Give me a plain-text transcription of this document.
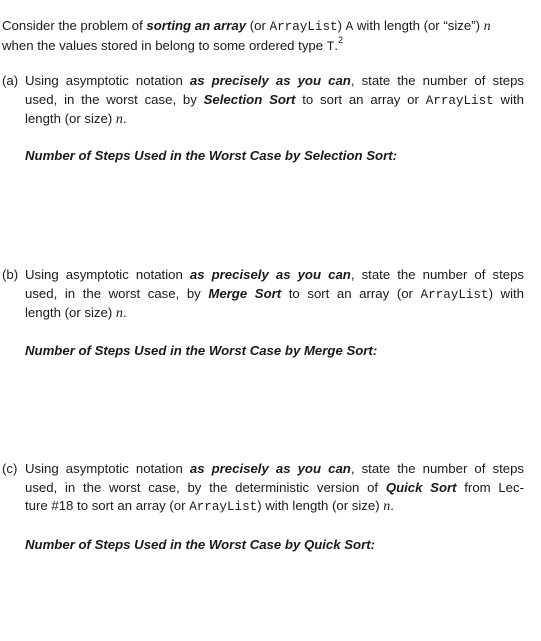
Consider the problem of sorting an array (or ArrayList) A with length (or “size”) n
when the values stored in belong to some ordered type T.$^2$
(a) Using asymptotic notation as precisely as you can, state the number of steps
used, in the worst case, by Selection Sort to sort an array or ArrayList with
length (or size) n.
Number of Steps Used in the Worst Case by Selection Sort:
(b) Using asymptotic notation as precisely as you can, state the number of steps
used, in the worst case, by Merge Sort to sort an array (or ArrayList) with
length (or size) n.
Number of Steps Used in the Worst Case by Merge Sort:
(c) Using asymptotic notation as precisely as you can, state the number of steps
used, in the worst case, by the deterministic version of Quick Sort from Lec-
ture #18 to sort an array (or ArrayList) with length (or size) n.
Number of Steps Used in the Worst Case by Quick Sort:
